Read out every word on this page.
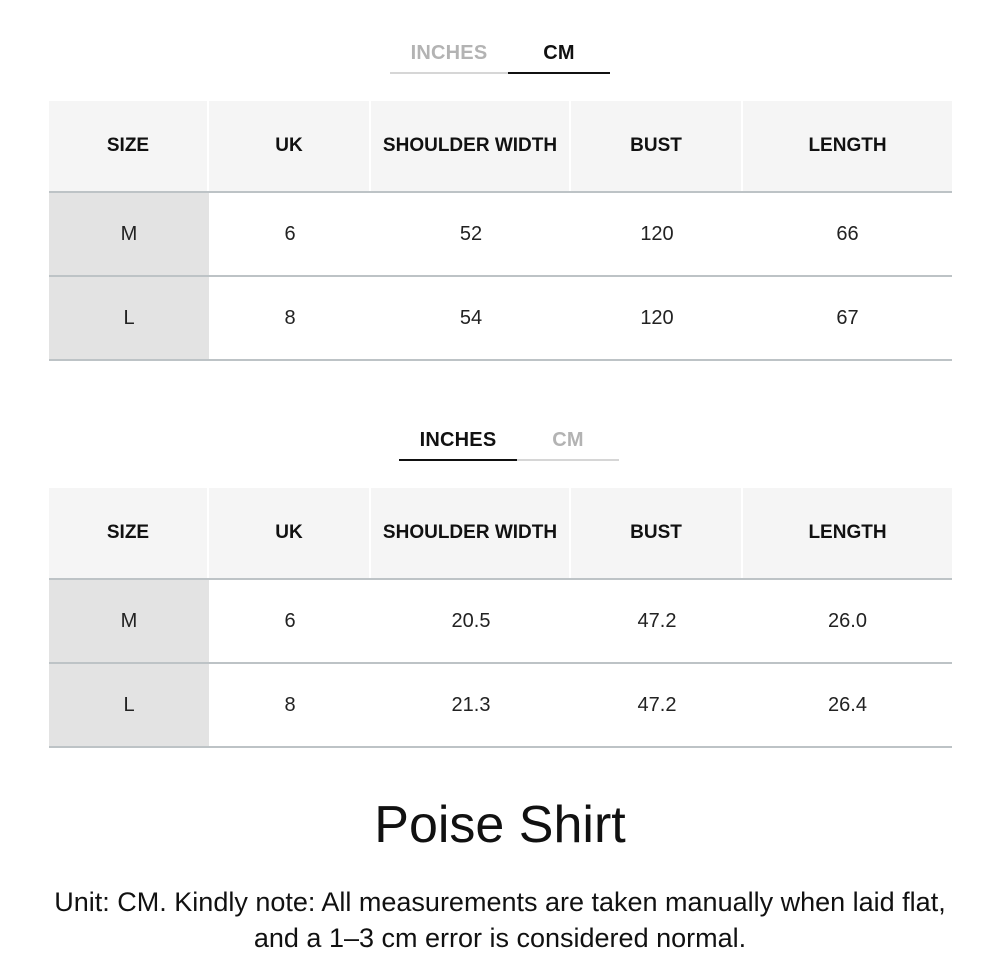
INCHES	CM
SIZE	UK	SHOULDER WIDTH	BUST	LENGTH
M	6	52	120	66
L	8	54	120	67
INCHES	CM
SIZE	UK	SHOULDER WIDTH	BUST	LENGTH
M	6	20.5	47.2	26.0
L	8	21.3	47.2	26.4
Poise Shirt
Unit: CM. Kindly note: All measurements are taken manually when laid flat, and a 1–3 cm error is considered normal.
